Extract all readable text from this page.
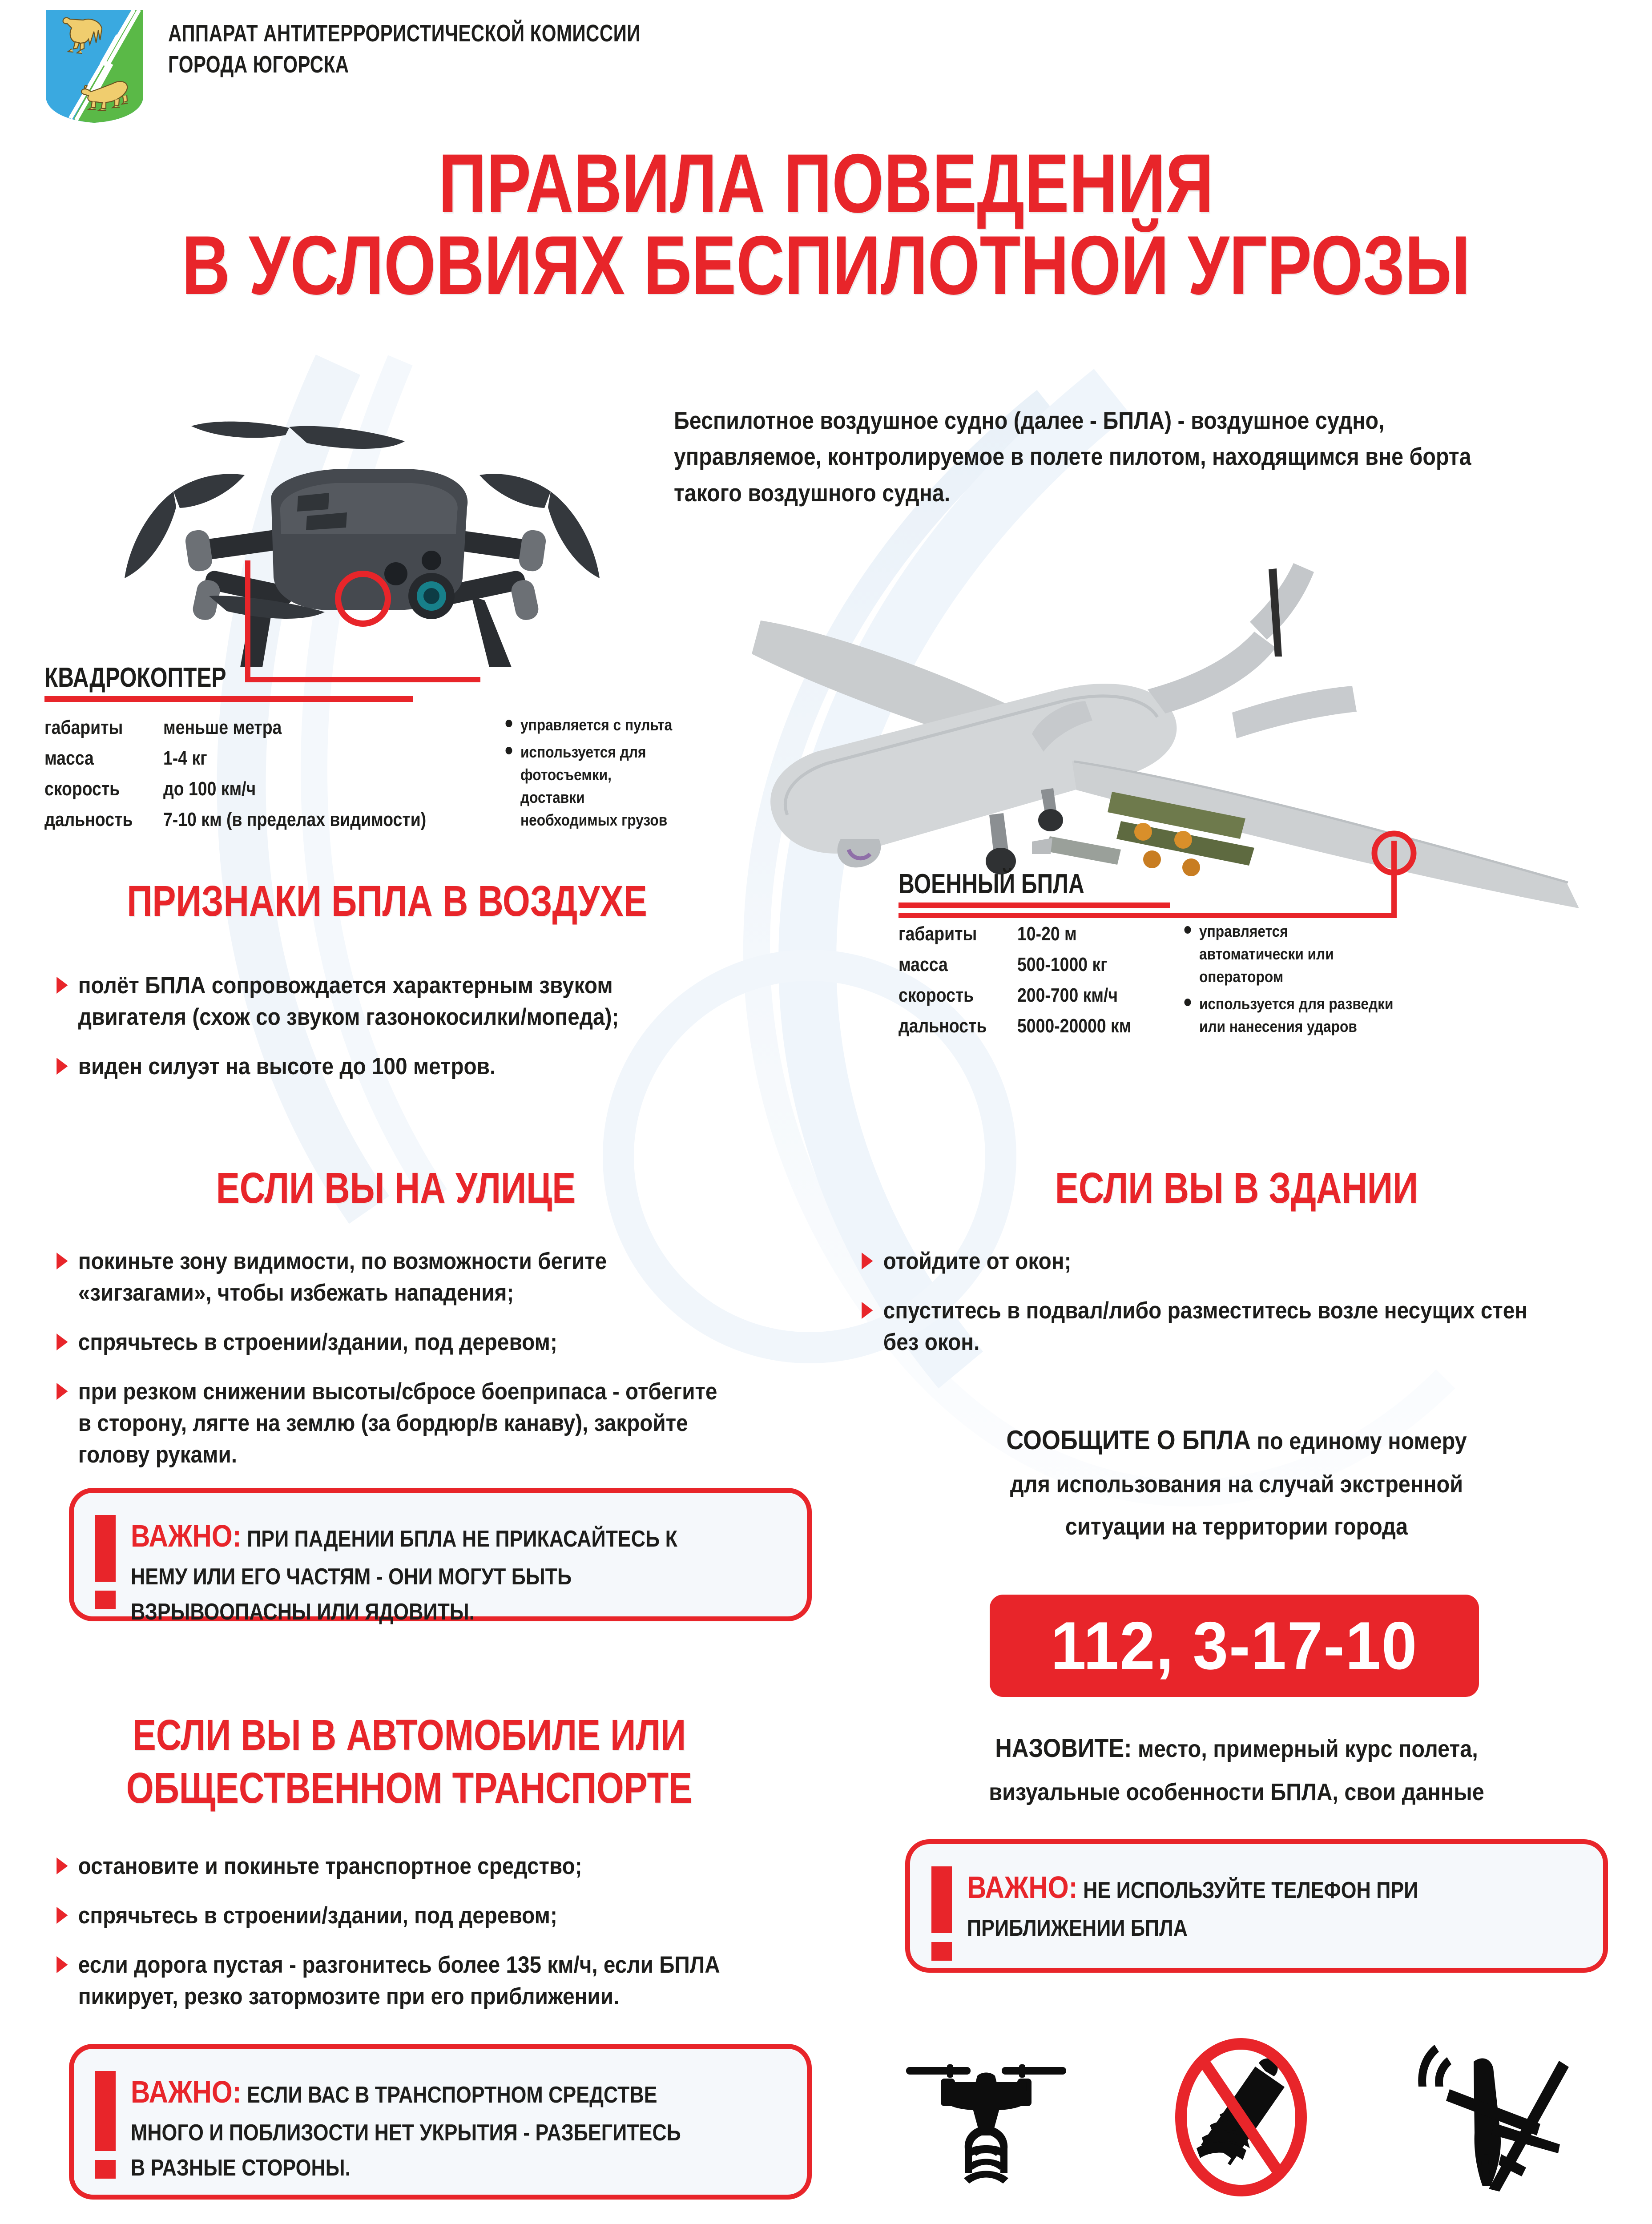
АППАРАТ АНТИТЕРРОРИСТИЧЕСКОЙ КОМИССИИ
ГОРОДА ЮГОРСКА
ПРАВИЛА ПОВЕДЕНИЯ
В УСЛОВИЯХ БЕСПИЛОТНОЙ УГРОЗЫ
Беспилотное воздушное судно (далее - БПЛА) - воздушное судно, управляемое, контролируемое в полете пилотом, находящимся вне борта такого воздушного судна.
КВАДРОКОПТЕР
габариты	меньше метра
масса	1-4 кг
скорость	до 100 км/ч
дальность	7-10 км (в пределах видимости)
управляется с пульта
используется для фотосъемки, доставки необходимых грузов
ВОЕННЫЙ БПЛА
габариты	10-20 м
масса	500-1000 кг
скорость	200-700 км/ч
дальность	5000-20000 км
управляется автоматически или оператором
используется для разведки или нанесения ударов
ПРИЗНАКИ БПЛА В ВОЗДУХЕ
полёт БПЛА сопровождается характерным звуком двигателя (схож со звуком газонокосилки/мопеда);
виден силуэт на высоте до 100 метров.
ЕСЛИ ВЫ НА УЛИЦЕ
покиньте зону видимости, по возможности бегите «зигзагами», чтобы избежать нападения;
спрячьтесь в строении/здании, под деревом;
при резком снижении высоты/сбросе боеприпаса - отбегите в сторону, лягте на землю (за бордюр/в канаву), закройте голову руками.
ВАЖНО: ПРИ ПАДЕНИИ БПЛА НЕ ПРИКАСАЙТЕСЬ К НЕМУ ИЛИ ЕГО ЧАСТЯМ - ОНИ МОГУТ БЫТЬ ВЗРЫВООПАСНЫ ИЛИ ЯДОВИТЫ.
ЕСЛИ ВЫ В ЗДАНИИ
отойдите от окон;
спуститесь в подвал/либо разместитесь возле несущих стен без окон.
СООБЩИТЕ О БПЛА по единому номеру
для использования на случай экстренной
ситуации на территории города
112, 3-17-10
НАЗОВИТЕ: место, примерный курс полета,
визуальные особенности БПЛА, свои данные
ЕСЛИ ВЫ В АВТОМОБИЛЕ ИЛИ
ОБЩЕСТВЕННОМ ТРАНСПОРТЕ
остановите и покиньте транспортное средство;
спрячьтесь в строении/здании, под деревом;
если дорога пустая - разгонитесь более 135 км/ч, если БПЛА пикирует, резко затормозите при его приближении.
ВАЖНО: ЕСЛИ ВАС В ТРАНСПОРТНОМ СРЕДСТВЕ МНОГО И ПОБЛИЗОСТИ НЕТ УКРЫТИЯ - РАЗБЕГИТЕСЬ В РАЗНЫЕ СТОРОНЫ.
ВАЖНО: НЕ ИСПОЛЬЗУЙТЕ ТЕЛЕФОН ПРИ ПРИБЛИЖЕНИИ БПЛА
